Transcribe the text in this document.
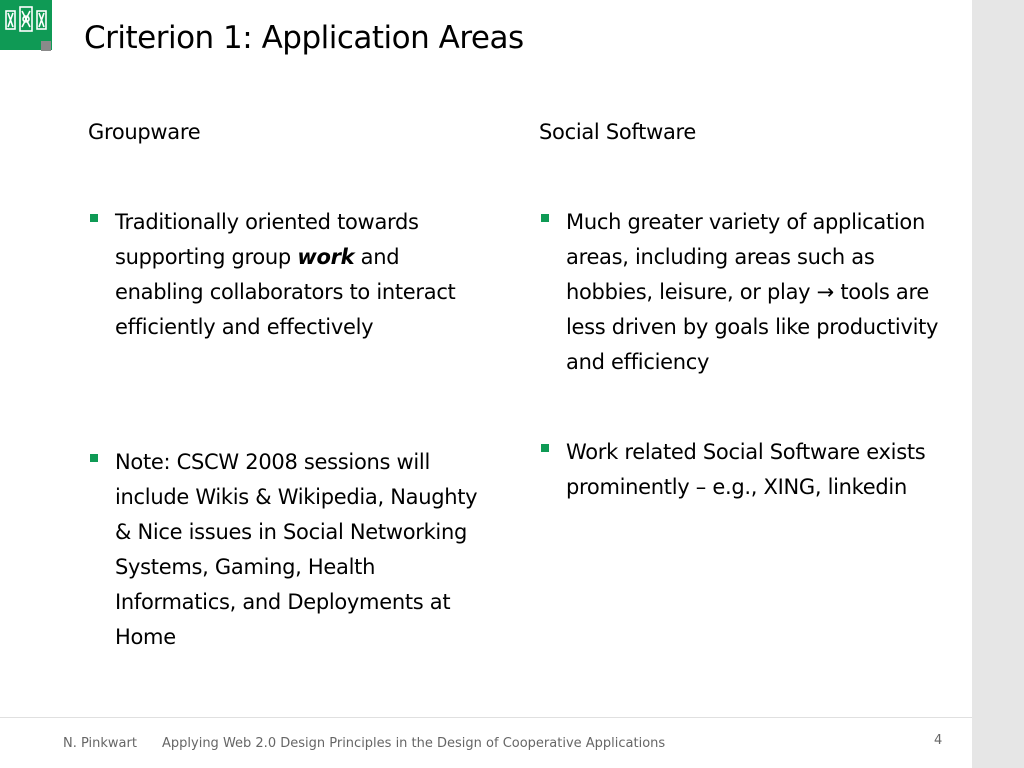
Criterion 1: Application Areas
Groupware
Traditionally oriented towards supporting group work and enabling collaborators to interact efficiently and effectively
Note: CSCW 2008 sessions will include Wikis & Wikipedia, Naughty & Nice issues in Social Networking Systems, Gaming, Health Informatics, and Deployments at Home
Social Software
Much greater variety of application areas, including areas such as hobbies, leisure, or play → tools are less driven by goals like productivity and efficiency
Work related Social Software exists prominently – e.g., XING, linkedin
N. Pinkwart Applying Web 2.0 Design Principles in the Design of Cooperative Applications	4
